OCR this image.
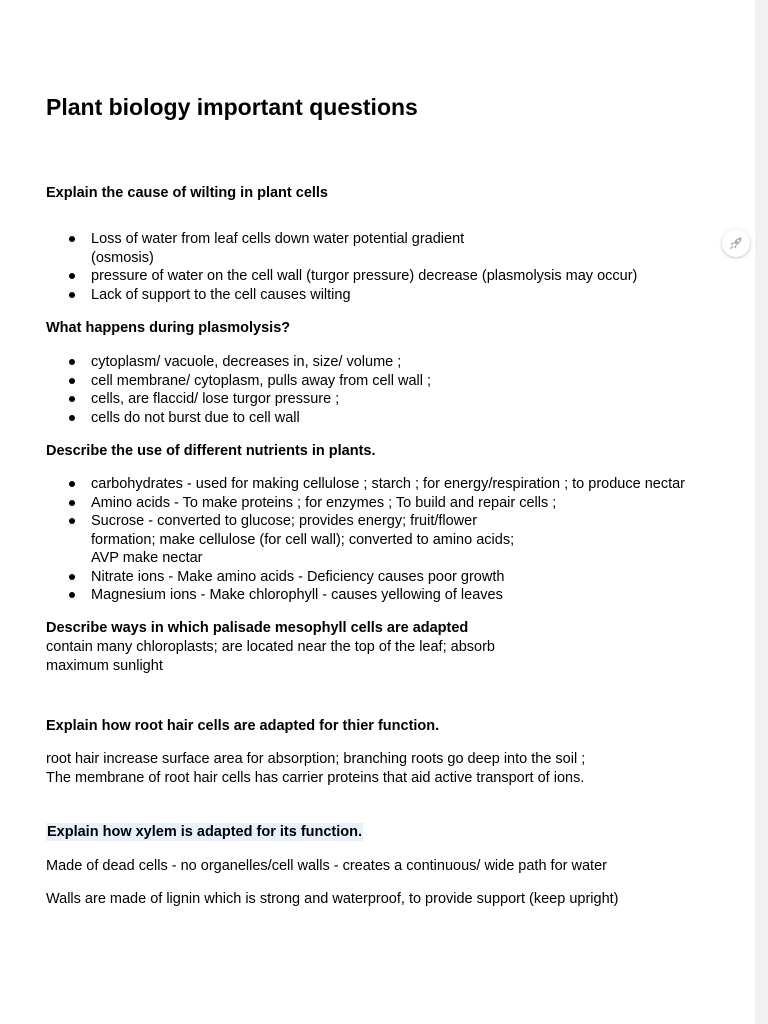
Plant biology important questions
Explain the cause of wilting in plant cells
Loss of water from leaf cells down water potential gradient
(osmosis)
pressure of water on the cell wall (turgor pressure) decrease (plasmolysis may occur)
Lack of support to the cell causes wilting
What happens during plasmolysis?
cytoplasm/ vacuole, decreases in, size/ volume ;
cell membrane/ cytoplasm, pulls away from cell wall ;
cells, are flaccid/ lose turgor pressure ;
cells do not burst due to cell wall
Describe the use of different nutrients in plants.
carbohydrates - used for making cellulose ; starch ; for energy/respiration ; to produce nectar
Amino acids - To make proteins ; for enzymes ; To build and repair cells ;
Sucrose - converted to glucose; provides energy; fruit/flower
formation; make cellulose (for cell wall); converted to amino acids;
AVP make nectar
Nitrate ions - Make amino acids - Deficiency causes poor growth
Magnesium ions - Make chlorophyll - causes yellowing of leaves
Describe ways in which palisade mesophyll cells are adapted

contain many chloroplasts; are located near the top of the leaf; absorb
maximum sunlight

Explain how root hair cells are adapted for thier function.

root hair increase surface area for absorption; branching roots go deep into the soil ;
The membrane of root hair cells has carrier proteins that aid active transport of ions.

Explain how xylem is adapted for its function.

Made of dead cells - no organelles/cell walls - creates a continuous/ wide path for water

Walls are made of lignin which is strong and waterproof, to provide support (keep upright)
